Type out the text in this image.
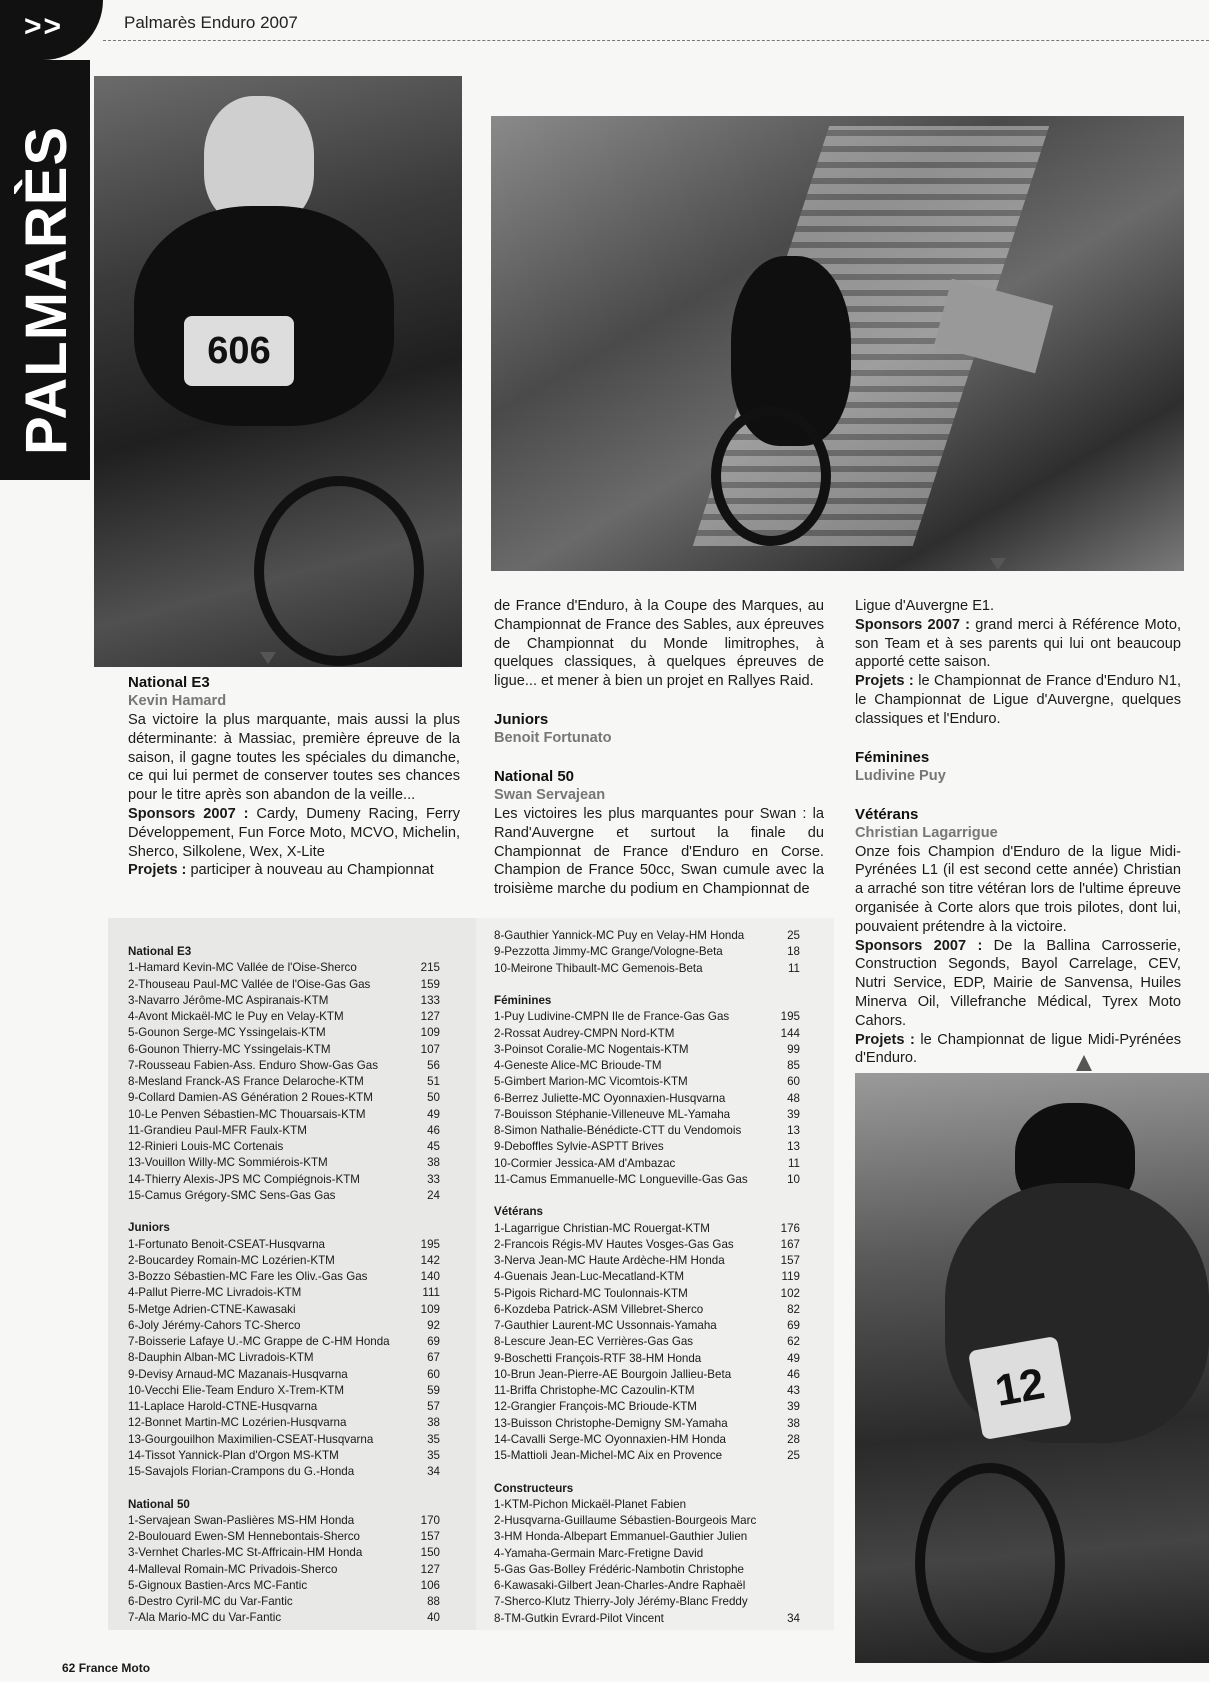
>>	Palmarès Enduro 2007
PALMARÈS	606
12
National E3
Kevin Hamard

Sa victoire la plus marquante, mais aussi la plus déterminante: à Massiac, première épreuve de la saison, il gagne toutes les spéciales du dimanche, ce qui lui permet de conserver toutes ses chances pour le titre après son abandon de la veille...

Sponsors 2007 : Cardy, Dumeny Racing, Ferry Développement, Fun Force Moto, MCVO, Michelin, Sherco, Silkolene, Wex, X-Lite

Projets : participer à nouveau au Championnat

de France d'Enduro, à la Coupe des Marques, au Championnat de France des Sables, aux épreuves de Championnat du Monde limitrophes, à quelques classiques, à quelques épreuves de ligue... et mener à bien un projet en Rallyes Raid.

Juniors
Benoit Fortunato
National 50
Swan Servajean

Les victoires les plus marquantes pour Swan : la Rand'Auvergne et surtout la finale du Championnat de France d'Enduro en Corse. Champion de France 50cc, Swan cumule avec la troisième marche du podium en Championnat de

Ligue d'Auvergne E1.

Sponsors 2007 : grand merci à Référence Moto, son Team et à ses parents qui lui ont beaucoup apporté cette saison.

Projets : le Championnat de France d'Enduro N1, le Championnat de Ligue d'Auvergne, quelques classiques et l'Enduro.

Féminines
Ludivine Puy
Vétérans
Christian Lagarrigue

Onze fois Champion d'Enduro de la ligue Midi-Pyrénées L1 (il est second cette année) Christian a arraché son titre vétéran lors de l'ultime épreuve organisée à Corte alors que trois pilotes, dont lui, pouvaient prétendre à la victoire.

Sponsors 2007 : De la Ballina Carrosserie, Construction Segonds, Bayol Carrelage, CEV, Nutri Service, EDP, Mairie de Sanvensa, Huiles Minerva Oil, Villefranche Médical, Tyrex Moto Cahors.

Projets : le Championnat de ligue Midi-Pyrénées d'Enduro.

National E3
1-Hamard Kevin-MC Vallée de l'Oise-Sherco	215
2-Thouseau Paul-MC Vallée de l'Oise-Gas Gas	159
3-Navarro Jérôme-MC Aspiranais-KTM	133
4-Avont Mickaël-MC le Puy en Velay-KTM	127
5-Gounon Serge-MC Yssingelais-KTM	109
6-Gounon Thierry-MC Yssingelais-KTM	107
7-Rousseau Fabien-Ass. Enduro Show-Gas Gas	56
8-Mesland Franck-AS France Delaroche-KTM	51
9-Collard Damien-AS Génération 2 Roues-KTM	50
10-Le Penven Sébastien-MC Thouarsais-KTM	49
11-Grandieu Paul-MFR Faulx-KTM	46
12-Rinieri Louis-MC Cortenais	45
13-Vouillon Willy-MC Sommiérois-KTM	38
14-Thierry Alexis-JPS MC Compiégnois-KTM	33
15-Camus Grégory-SMC Sens-Gas Gas	24
Juniors
1-Fortunato Benoit-CSEAT-Husqvarna	195
2-Boucardey Romain-MC Lozérien-KTM	142
3-Bozzo Sébastien-MC Fare les Oliv.-Gas Gas	140
4-Pallut Pierre-MC Livradois-KTM	111
5-Metge Adrien-CTNE-Kawasaki	109
6-Joly Jérémy-Cahors TC-Sherco	92
7-Boisserie Lafaye U.-MC Grappe de C-HM Honda	69
8-Dauphin Alban-MC Livradois-KTM	67
9-Devisy Arnaud-MC Mazanais-Husqvarna	60
10-Vecchi Elie-Team Enduro X-Trem-KTM	59
11-Laplace Harold-CTNE-Husqvarna	57
12-Bonnet Martin-MC Lozérien-Husqvarna	38
13-Gourgouilhon Maximilien-CSEAT-Husqvarna	35
14-Tissot Yannick-Plan d'Orgon MS-KTM	35
15-Savajols Florian-Crampons du G.-Honda	34
National 50
1-Servajean Swan-Paslières MS-HM Honda	170
2-Boulouard Ewen-SM Hennebontais-Sherco	157
3-Vernhet Charles-MC St-Affricain-HM Honda	150
4-Malleval Romain-MC Privadois-Sherco	127
5-Gignoux Bastien-Arcs MC-Fantic	106
6-Destro Cyril-MC du Var-Fantic	88
7-Ala Mario-MC du Var-Fantic	40
8-Gauthier Yannick-MC Puy en Velay-HM Honda	25
9-Pezzotta Jimmy-MC Grange/Vologne-Beta	18
10-Meirone Thibault-MC Gemenois-Beta	11
Féminines
1-Puy Ludivine-CMPN Ile de France-Gas Gas	195
2-Rossat Audrey-CMPN Nord-KTM	144
3-Poinsot Coralie-MC Nogentais-KTM	99
4-Geneste Alice-MC Brioude-TM	85
5-Gimbert Marion-MC Vicomtois-KTM	60
6-Berrez Juliette-MC Oyonnaxien-Husqvarna	48
7-Bouisson Stéphanie-Villeneuve ML-Yamaha	39
8-Simon Nathalie-Bénédicte-CTT du Vendomois	13
9-Deboffles Sylvie-ASPTT Brives	13
10-Cormier Jessica-AM d'Ambazac	11
11-Camus Emmanuelle-MC Longueville-Gas Gas	10
Vétérans
1-Lagarrigue Christian-MC Rouergat-KTM	176
2-Francois Régis-MV Hautes Vosges-Gas Gas	167
3-Nerva Jean-MC Haute Ardèche-HM Honda	157
4-Guenais Jean-Luc-Mecatland-KTM	119
5-Pigois Richard-MC Toulonnais-KTM	102
6-Kozdeba Patrick-ASM Villebret-Sherco	82
7-Gauthier Laurent-MC Ussonnais-Yamaha	69
8-Lescure Jean-EC Verrières-Gas Gas	62
9-Boschetti François-RTF 38-HM Honda	49
10-Brun Jean-Pierre-AE Bourgoin Jallieu-Beta	46
11-Briffa Christophe-MC Cazoulin-KTM	43
12-Grangier François-MC Brioude-KTM	39
13-Buisson Christophe-Demigny SM-Yamaha	38
14-Cavalli Serge-MC Oyonnaxien-HM Honda	28
15-Mattioli Jean-Michel-MC Aix en Provence	25
Constructeurs
1-KTM-Pichon Mickaël-Planet Fabien
2-Husqvarna-Guillaume Sébastien-Bourgeois Marc
3-HM Honda-Albepart Emmanuel-Gauthier Julien
4-Yamaha-Germain Marc-Fretigne David
5-Gas Gas-Bolley Frédéric-Nambotin Christophe
6-Kawasaki-Gilbert Jean-Charles-Andre Raphaël
7-Sherco-Klutz Thierry-Joly Jérémy-Blanc Freddy
8-TM-Gutkin Evrard-Pilot Vincent	34
62 France Moto
